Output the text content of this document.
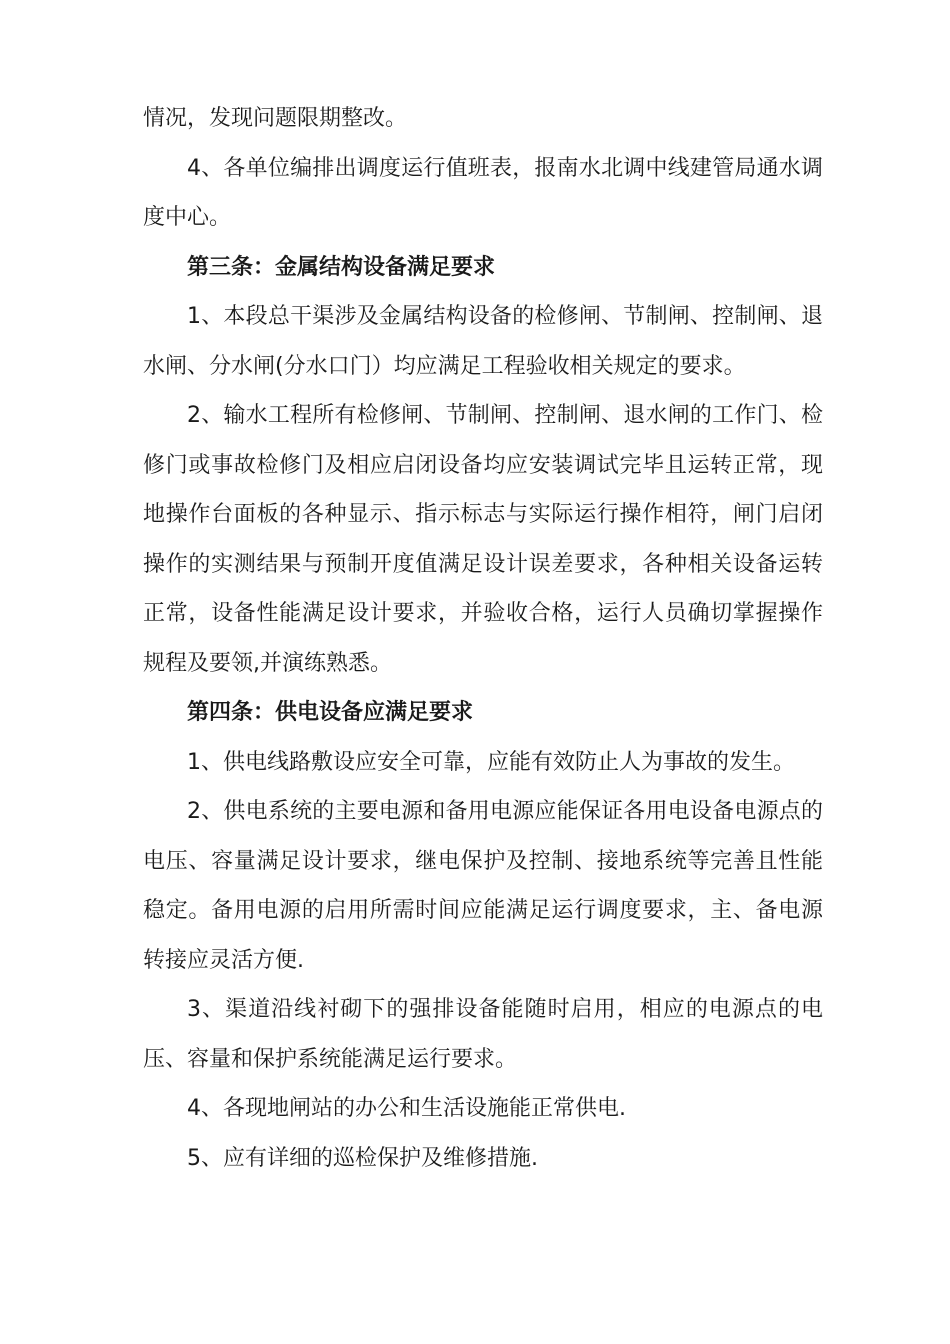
情况，发现问题限期整改。

4、各单位编排出调度运行值班表，报南水北调中线建管局通水调度中心。

第三条：金属结构设备满足要求

1、本段总干渠涉及金属结构设备的检修闸、节制闸、控制闸、退水闸、分水闸(分水口门）均应满足工程验收相关规定的要求。

2、输水工程所有检修闸、节制闸、控制闸、退水闸的工作门、检修门或事故检修门及相应启闭设备均应安装调试完毕且运转正常，现地操作台面板的各种显示、指示标志与实际运行操作相符，闸门启闭操作的实测结果与预制开度值满足设计误差要求，各种相关设备运转正常，设备性能满足设计要求，并验收合格，运行人员确切掌握操作规程及要领,并演练熟悉。

第四条：供电设备应满足要求

1、供电线路敷设应安全可靠，应能有效防止人为事故的发生。

2、供电系统的主要电源和备用电源应能保证各用电设备电源点的电压、容量满足设计要求，继电保护及控制、接地系统等完善且性能稳定。备用电源的启用所需时间应能满足运行调度要求，主、备电源转接应灵活方便.

3、渠道沿线衬砌下的强排设备能随时启用，相应的电源点的电压、容量和保护系统能满足运行要求。

4、各现地闸站的办公和生活设施能正常供电.

5、应有详细的巡检保护及维修措施.
